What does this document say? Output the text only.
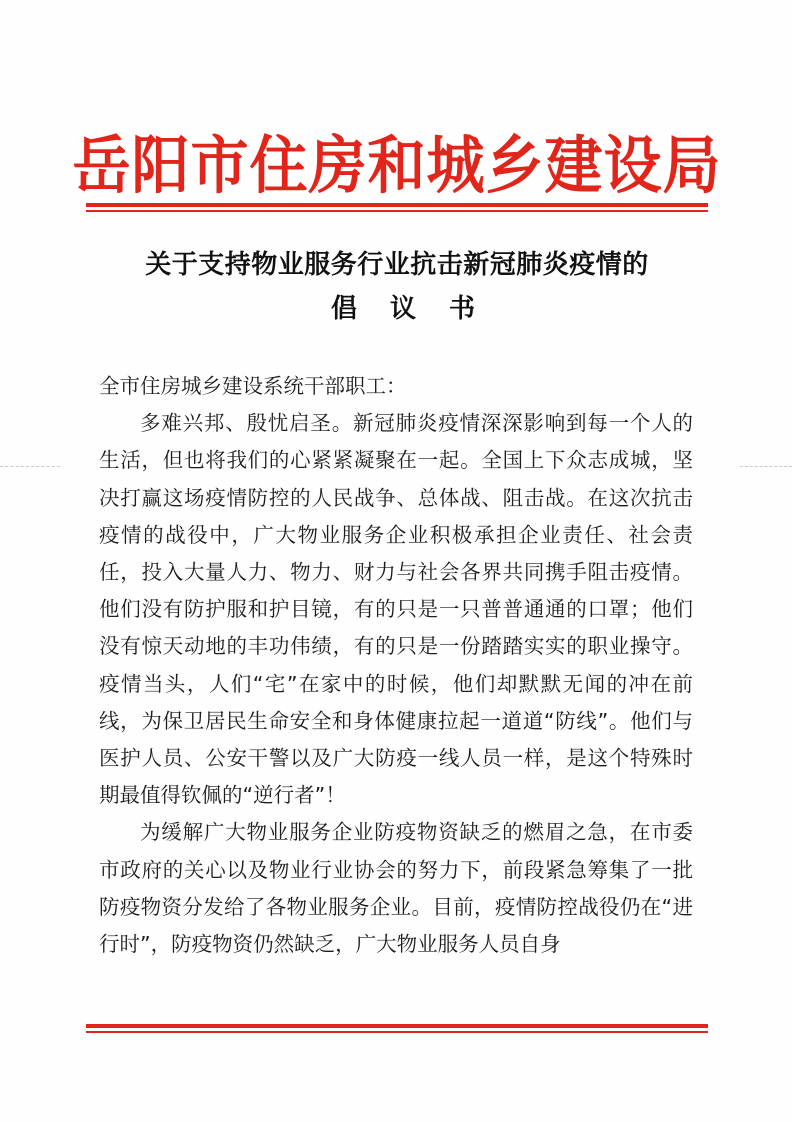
岳阳市住房和城乡建设局
关于支持物业服务行业抗击新冠肺炎疫情的
倡 议 书

全市住房城乡建设系统干部职工：

多难兴邦、殷忧启圣。新冠肺炎疫情深深影响到每一个人的生活，但也将我们的心紧紧凝聚在一起。全国上下众志成城，坚决打赢这场疫情防控的人民战争、总体战、阻击战。在这次抗击疫情的战役中，广大物业服务企业积极承担企业责任、社会责任，投入大量人力、物力、财力与社会各界共同携手阻击疫情。他们没有防护服和护目镜，有的只是一只普普通通的口罩；他们没有惊天动地的丰功伟绩，有的只是一份踏踏实实的职业操守。疫情当头，人们“宅”在家中的时候，他们却默默无闻的冲在前线，为保卫居民生命安全和身体健康拉起一道道“防线”。他们与医护人员、公安干警以及广大防疫一线人员一样，是这个特殊时期最值得钦佩的“逆行者”！

为缓解广大物业服务企业防疫物资缺乏的燃眉之急，在市委市政府的关心以及物业行业协会的努力下，前段紧急筹集了一批防疫物资分发给了各物业服务企业。目前，疫情防控战役仍在“进行时”，防疫物资仍然缺乏，广大物业服务人员自身
